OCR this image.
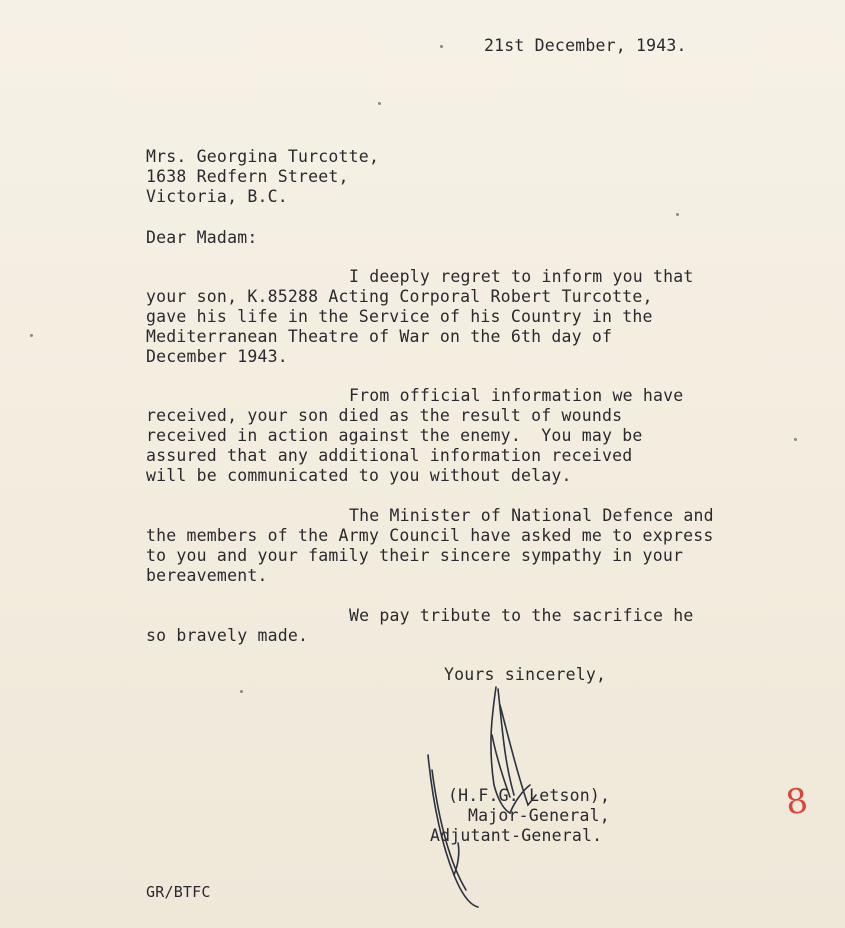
21st December, 1943.
Mrs. Georgina Turcotte,
1638 Redfern Street,
Victoria, B.C.
Dear Madam:
I deeply regret to inform you that
your son, K.85288 Acting Corporal Robert Turcotte,
gave his life in the Service of his Country in the
Mediterranean Theatre of War on the 6th day of
December 1943.
From official information we have
received, your son died as the result of wounds
received in action against the enemy.  You may be
assured that any additional information received
will be communicated to you without delay.
The Minister of National Defence and
the members of the Army Council have asked me to express
to you and your family their sincere sympathy in your
bereavement.
We pay tribute to the sacrifice he
so bravely made.
Yours sincerely,
(H.F.G. Letson),
Major-General,
Adjutant-General.
8
GR/BTFC
